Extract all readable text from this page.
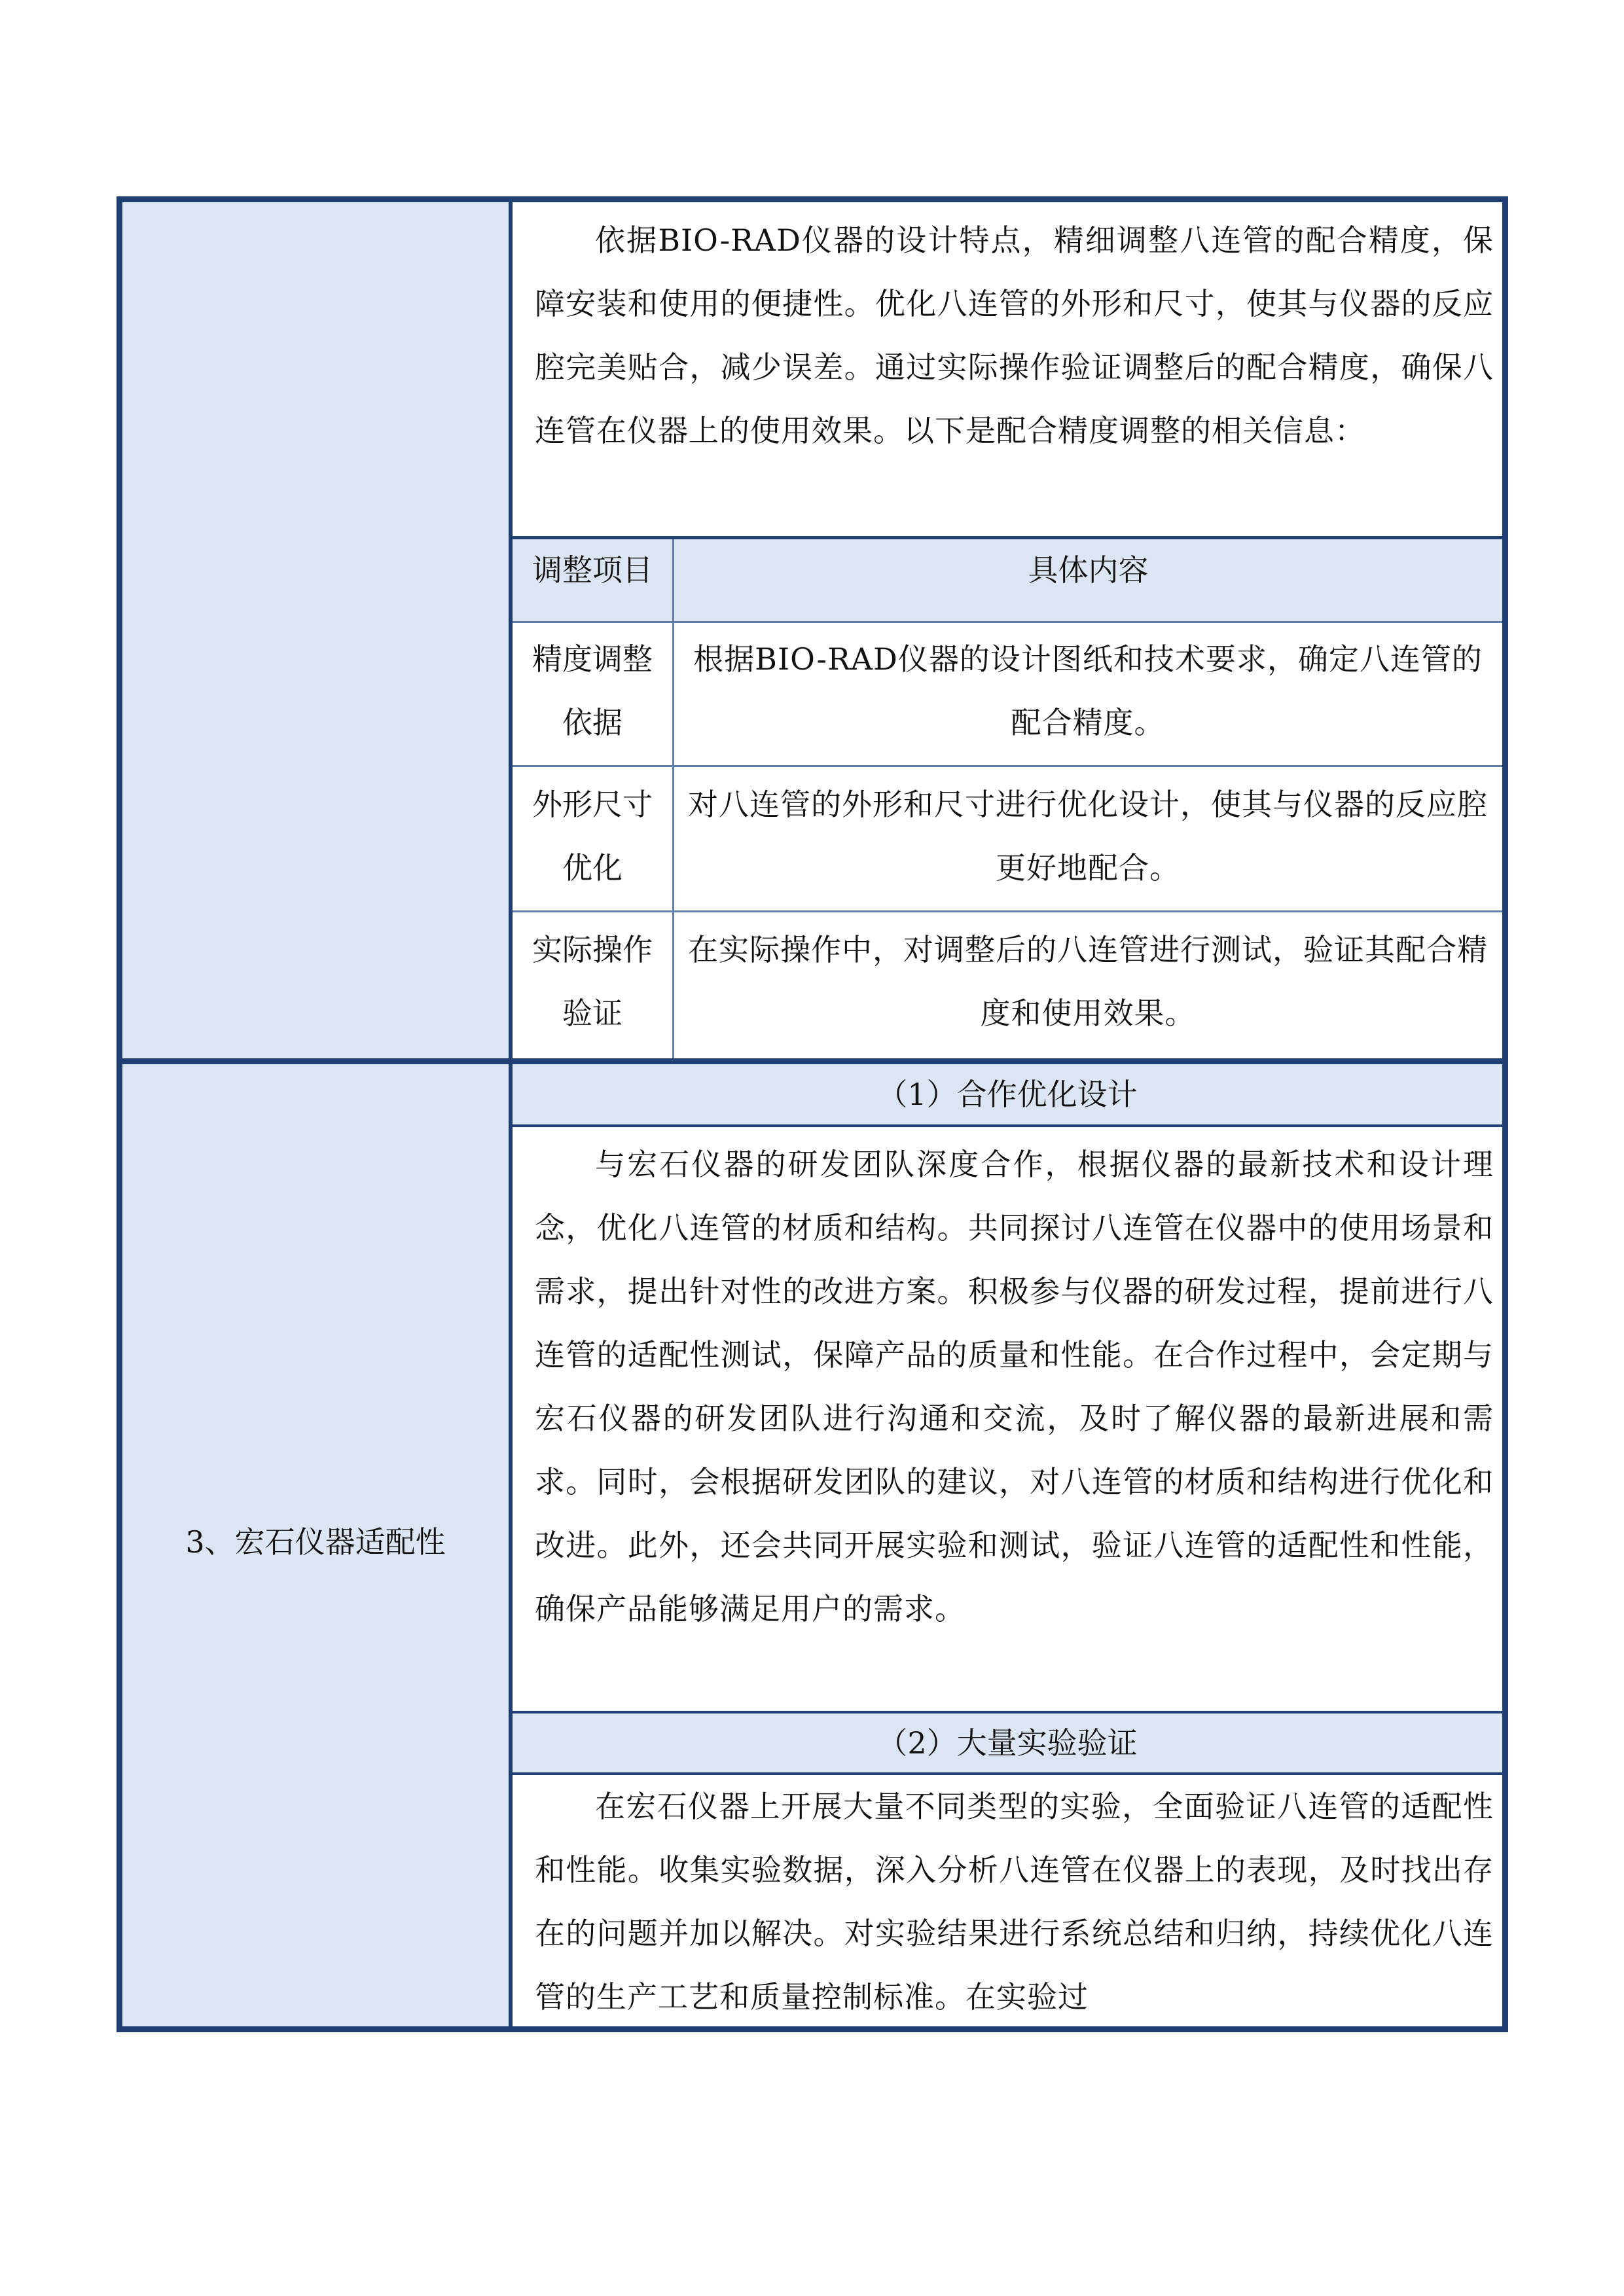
3、宏石仪器适配性
依据BIO-RAD仪器的设计特点，精细调整八连管的配合精度，保障安装和使用的便捷性。优化八连管的外形和尺寸，使其与仪器的反应腔完美贴合，减少误差。通过实际操作验证调整后的配合精度，确保八连管在仪器上的使用效果。以下是配合精度调整的相关信息：
调整项目	具体内容
精度调整依据
根据BIO-RAD仪器的设计图纸和技术要求，确定八连管的配合精度。
外形尺寸优化
对八连管的外形和尺寸进行优化设计，使其与仪器的反应腔更好地配合。
实际操作验证
在实际操作中，对调整后的八连管进行测试，验证其配合精度和使用效果。
（1）合作优化设计
与宏石仪器的研发团队深度合作，根据仪器的最新技术和设计理念，优化八连管的材质和结构。共同探讨八连管在仪器中的使用场景和需求，提出针对性的改进方案。积极参与仪器的研发过程，提前进行八连管的适配性测试，保障产品的质量和性能。在合作过程中，会定期与宏石仪器的研发团队进行沟通和交流，及时了解仪器的最新进展和需求。同时，会根据研发团队的建议，对八连管的材质和结构进行优化和改进。此外，还会共同开展实验和测试，验证八连管的适配性和性能，确保产品能够满足用户的需求。
（2）大量实验验证
在宏石仪器上开展大量不同类型的实验，全面验证八连管的适配性和性能。收集实验数据，深入分析八连管在仪器上的表现，及时找出存在的问题并加以解决。对实验结果进行系统总结和归纳，持续优化八连管的生产工艺和质量控制标准。在实验过
